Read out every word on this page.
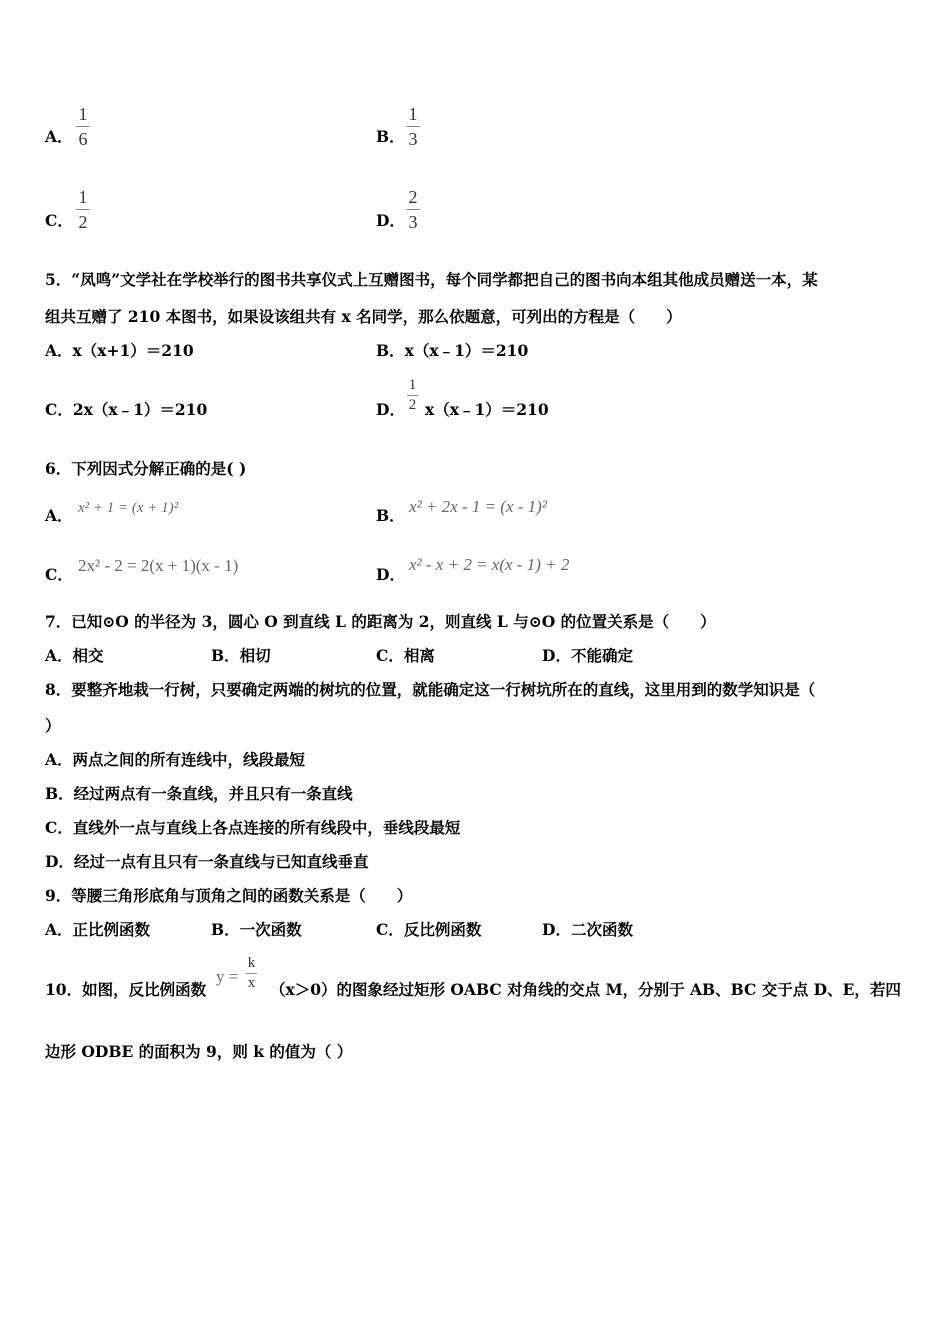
A．
1
6	B．
1
3
C．
1
2	D．
2
3
5．“凤鸣”文学社在学校举行的图书共享仪式上互赠图书，每个同学都把自己的图书向本组其他成员赠送一本，某
组共互赠了 210 本图书，如果设该组共有 x 名同学，那么依题意，可列出的方程是（　　）
A．x（x+1）＝210	B．x（x﹣1）＝210
C．2x（x﹣1）＝210	D．
1
2 x（x﹣1）＝210
6．下列因式分解正确的是( )
A． x² + 1 = (x + 1)²	B． x² + 2x - 1 = (x - 1)²
C． 2x² - 2 = 2(x + 1)(x - 1)	D．
x² - x + 2 = x(x - 1) + 2
7．已知⊙O 的半径为 3，圆心 O 到直线 L 的距离为 2，则直线 L 与⊙O 的位置关系是（　　）
A．相交	B．相切	C．相离	D．不能确定
8．要整齐地栽一行树，只要确定两端的树坑的位置，就能确定这一行树坑所在的直线，这里用到的数学知识是（
）
A．两点之间的所有连线中，线段最短
B．经过两点有一条直线，并且只有一条直线
C．直线外一点与直线上各点连接的所有线段中，垂线段最短
D．经过一点有且只有一条直线与已知直线垂直
9．等腰三角形底角与顶角之间的函数关系是（　　）
A．正比例函数	B．一次函数	C．反比例函数	D．二次函数
10．如图，反比例函数
y =
k
x （x＞0）的图象经过矩形 OABC 对角线的交点 M，分别于 AB、BC 交于点 D、E，若四
边形 ODBE 的面积为 9，则 k 的值为（ ）
